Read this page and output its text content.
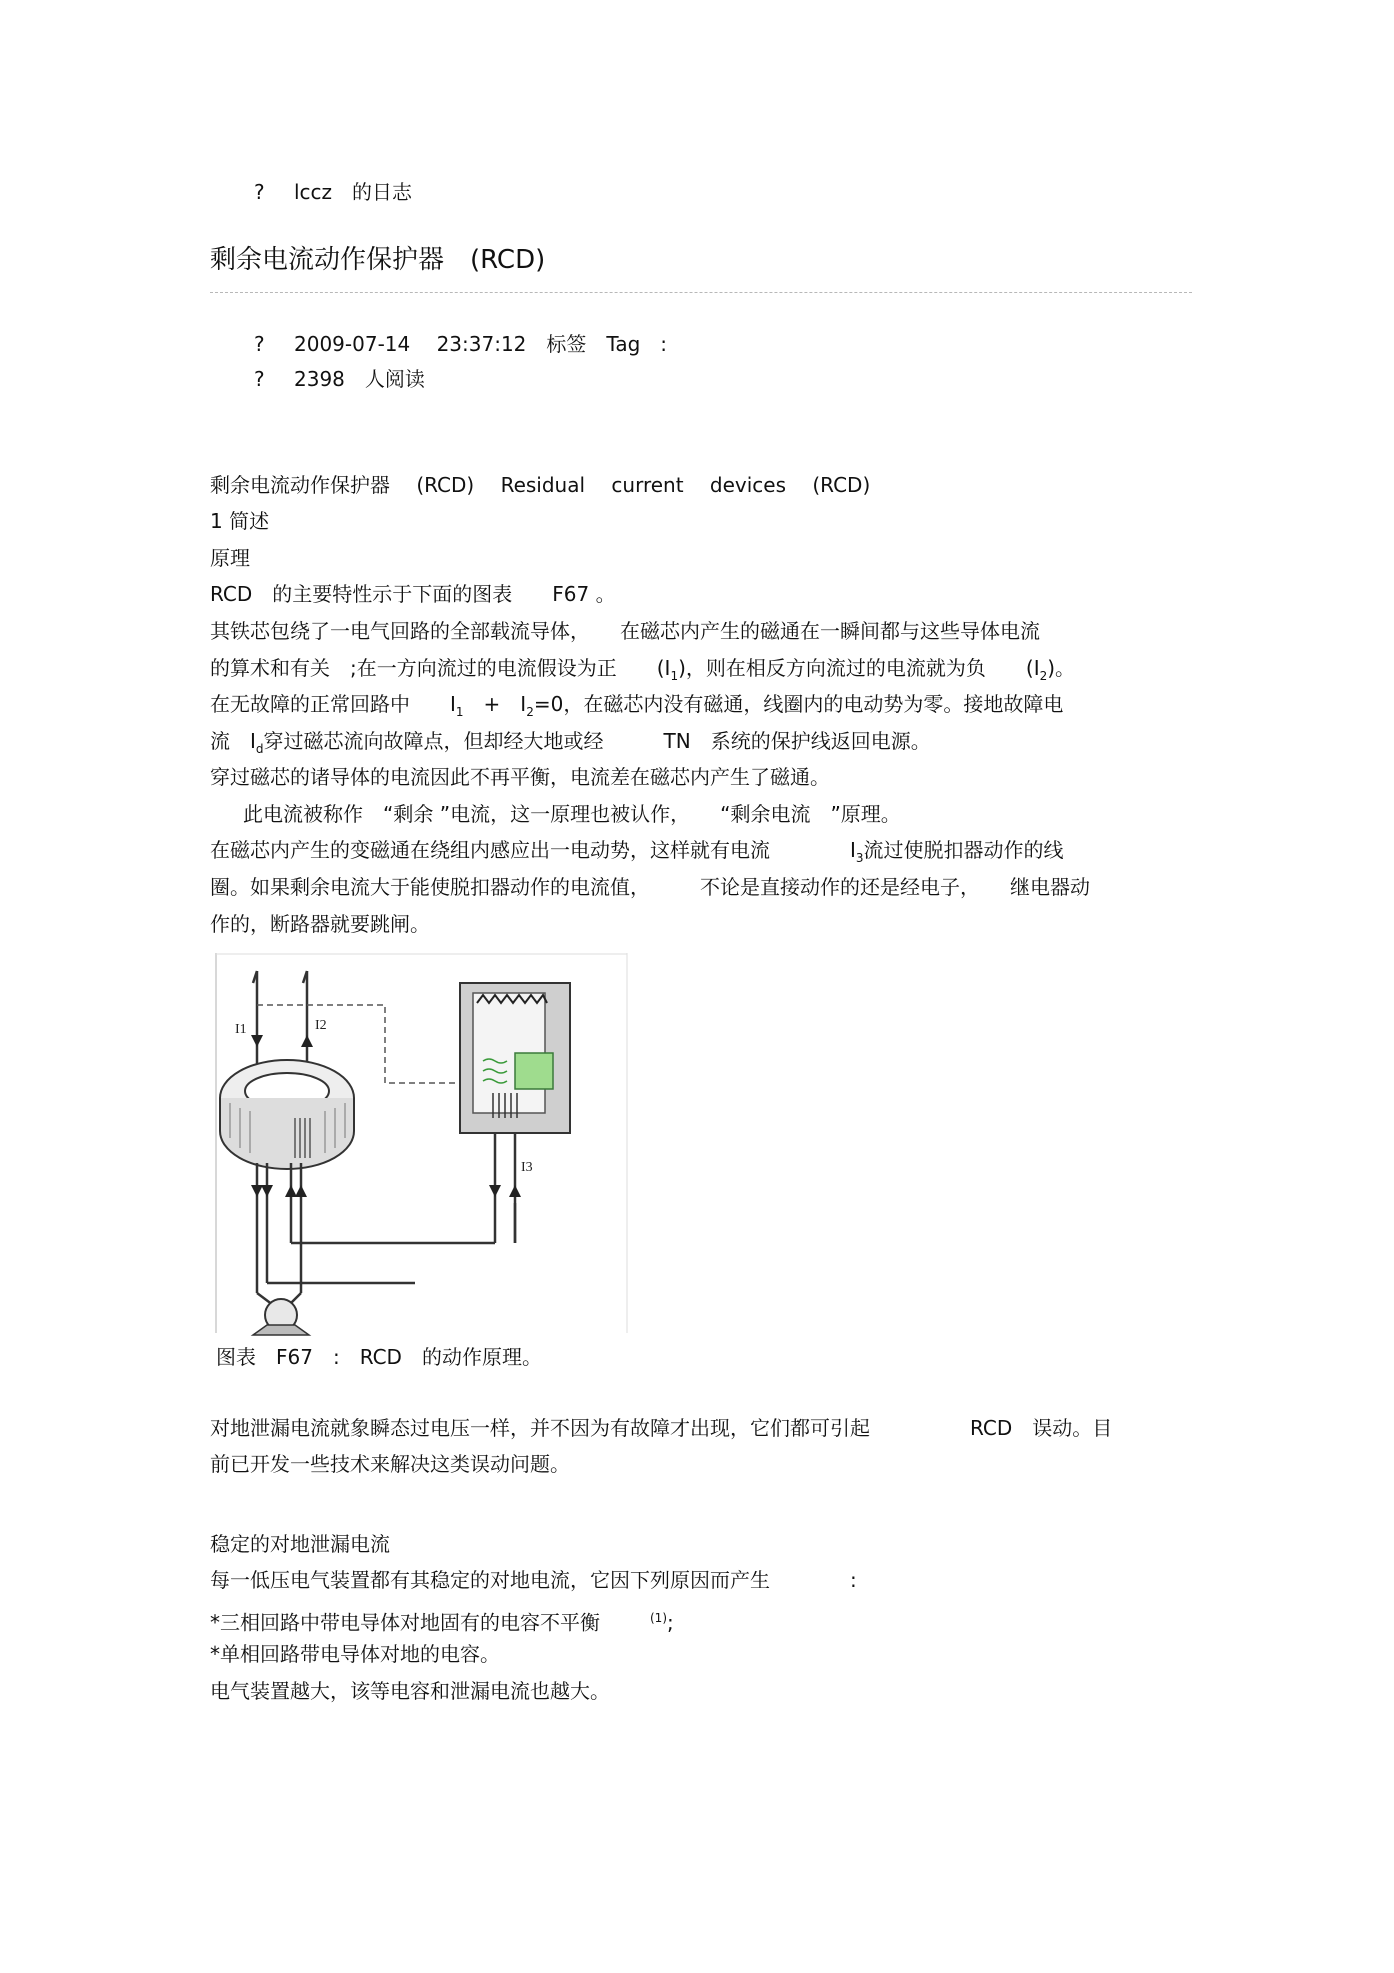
? lccz　的日志
剩余电流动作保护器　(RCD)
? 2009-07-14　 23:37:12　标签　Tag　:
? 2398　人阅读
剩余电流动作保护器　 (RCD)　 Residual　 current　 devices　 (RCD)
1 简述
原理
RCD　的主要特性示于下面的图表　　F67 。
其铁芯包绕了一电气回路的全部载流导体，　　在磁芯内产生的磁通在一瞬间都与这些导体电流
的算术和有关　;在一方向流过的电流假设为正　　$(I_1)$，则在相反方向流过的电流就为负　　$(I_2)$。
在无故障的正常回路中　　$I_1$　+　$I_2=0$，在磁芯内没有磁通，线圈内的电动势为零。接地故障电
流　$I_d$穿过磁芯流向故障点，但却经大地或经　　　TN　系统的保护线返回电源。
穿过磁芯的诸导体的电流因此不再平衡，电流差在磁芯内产生了磁通。
此电流被称作　“剩余 ”电流，这一原理也被认作，　　“剩余电流　”原理。
在磁芯内产生的变磁通在绕组内感应出一电动势，这样就有电流　　　　$I_3$流过使脱扣器动作的线
圈。如果剩余电流大于能使脱扣器动作的电流值，　　　不论是直接动作的还是经电子，　　继电器动
作的，断路器就要跳闸。
I1	I2
I3
图表　F67　:　RCD　的动作原理。
对地泄漏电流就象瞬态过电压一样，并不因为有故障才出现，它们都可引起　　　　　RCD　误动。目
前已开发一些技术来解决这类误动问题。
稳定的对地泄漏电流
每一低压电气装置都有其稳定的对地电流，它因下列原因而产生　　　　:
*三相回路中带电导体对地固有的电容不平衡	$^{(1)}$;
*单相回路带电导体对地的电容。
电气装置越大，该等电容和泄漏电流也越大。
